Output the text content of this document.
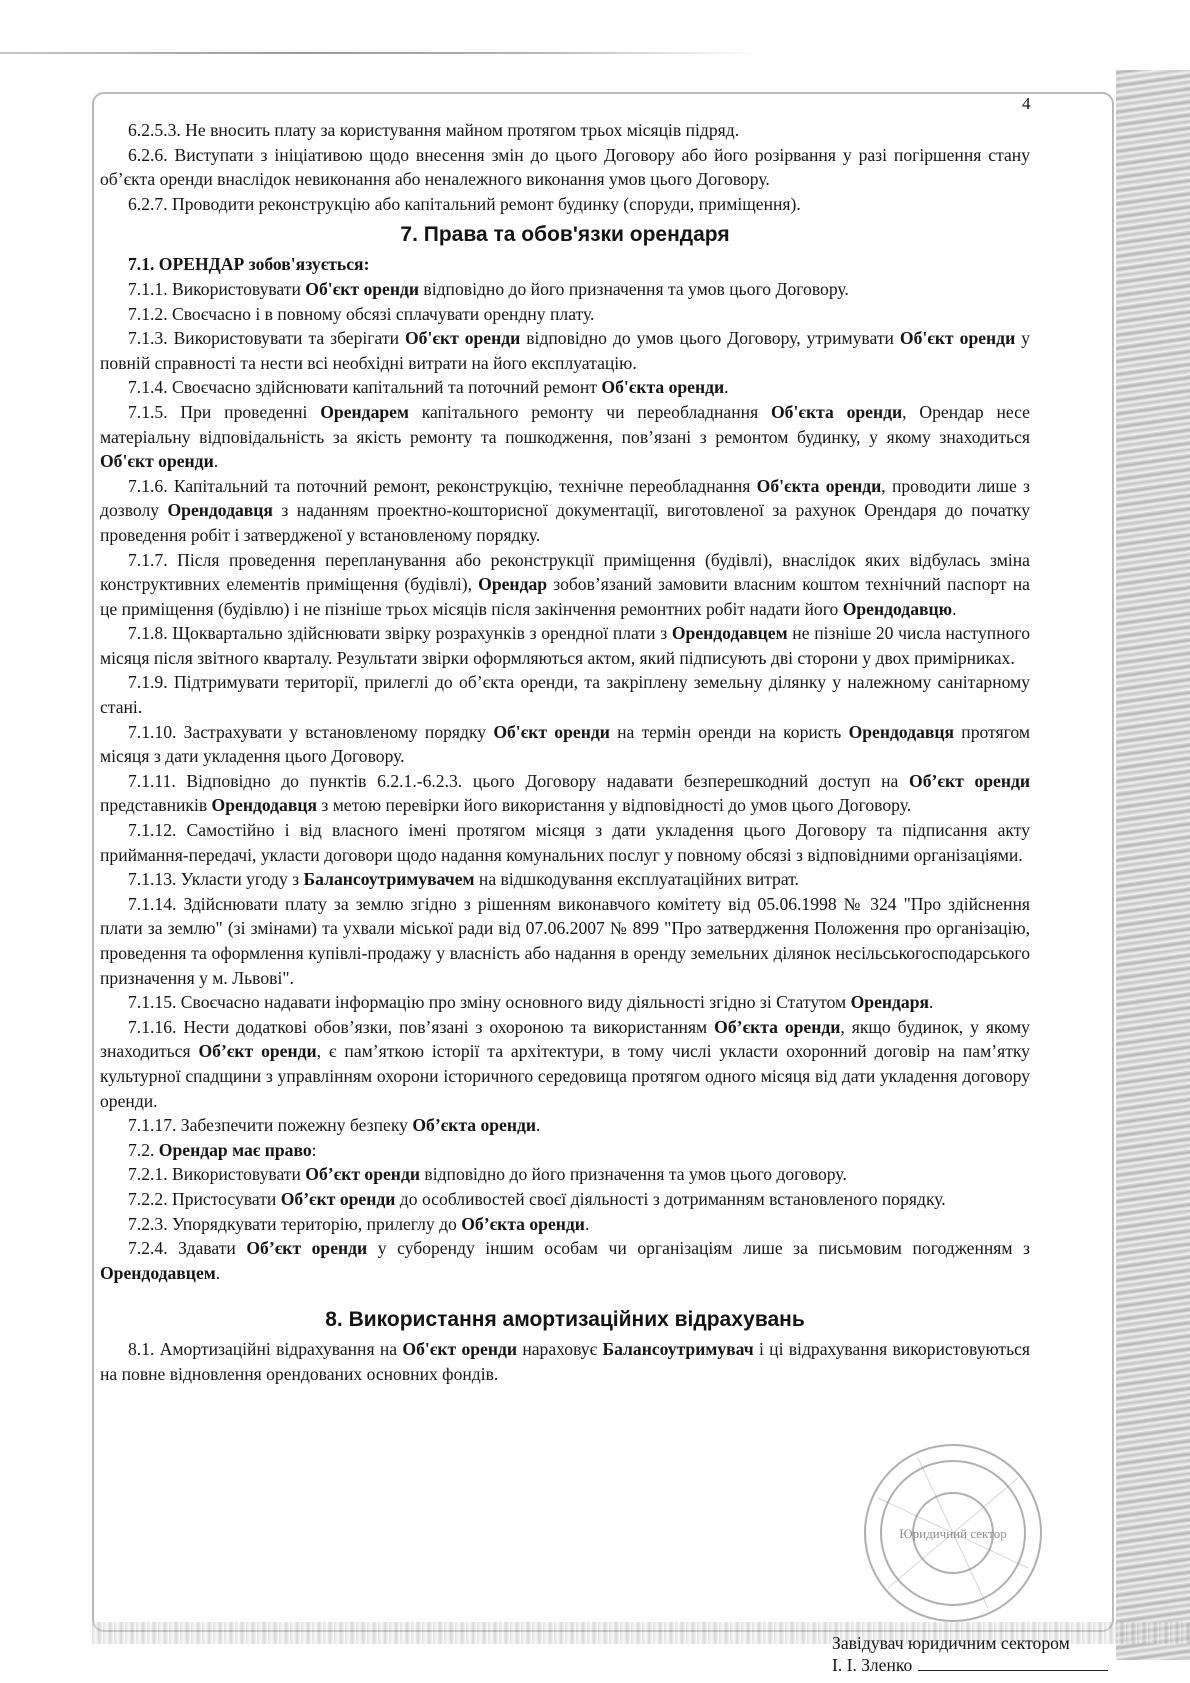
4

6.2.5.3. Не вносить плату за користування майном протягом трьох місяців підряд.

6.2.6. Виступати з ініціативою щодо внесення змін до цього Договору або його розірвання у разі погіршення стану об’єкта оренди внаслідок невиконання або неналежного виконання умов цього Договору.

6.2.7. Проводити реконструкцію або капітальний ремонт будинку (споруди, приміщення).

7. Права та обов'язки орендаря

7.1. ОРЕНДАР зобов'язується:

7.1.1. Використовувати Об'єкт оренди відповідно до його призначення та умов цього Договору.

7.1.2. Своєчасно і в повному обсязі сплачувати орендну плату.

7.1.3. Використовувати та зберігати Об'єкт оренди відповідно до умов цього Договору, утримувати Об'єкт оренди у повній справності та нести всі необхідні витрати на його експлуатацію.

7.1.4. Своєчасно здійснювати капітальний та поточний ремонт Об'єкта оренди.

7.1.5. При проведенні Орендарем капітального ремонту чи переобладнання Об'єкта оренди, Орендар несе матеріальну відповідальність за якість ремонту та пошкодження, пов’язані з ремонтом будинку, у якому знаходиться Об'єкт оренди.

7.1.6. Капітальний та поточний ремонт, реконструкцію, технічне переобладнання Об'єкта оренди, проводити лише з дозволу Орендодавця з наданням проектно-кошторисної документації, виготовленої за рахунок Орендаря до початку проведення робіт і затвердженої у встановленому порядку.

7.1.7. Після проведення перепланування або реконструкції приміщення (будівлі), внаслідок яких відбулась зміна конструктивних елементів приміщення (будівлі), Орендар зобов’язаний замовити власним коштом технічний паспорт на це приміщення (будівлю) і не пізніше трьох місяців після закінчення ремонтних робіт надати його Орендодавцю.

7.1.8. Щоквартально здійснювати звірку розрахунків з орендної плати з Орендодавцем не пізніше 20 числа наступного місяця після звітного кварталу. Результати звірки оформляються актом, який підписують дві сторони у двох примірниках.

7.1.9. Підтримувати території, прилеглі до об’єкта оренди, та закріплену земельну ділянку у належному санітарному стані.

7.1.10. Застрахувати у встановленому порядку Об'єкт оренди на термін оренди на користь Орендодавця протягом місяця з дати укладення цього Договору.

7.1.11. Відповідно до пунктів 6.2.1.-6.2.3. цього Договору надавати безперешкодний доступ на Об’єкт оренди представників Орендодавця з метою перевірки його використання у відповідності до умов цього Договору.

7.1.12. Самостійно і від власного імені протягом місяця з дати укладення цього Договору та підписання акту приймання-передачі, укласти договори щодо надання комунальних послуг у повному обсязі з відповідними організаціями.

7.1.13. Укласти угоду з Балансоутримувачем на відшкодування експлуатаційних витрат.

7.1.14. Здійснювати плату за землю згідно з рішенням виконавчого комітету від 05.06.1998 № 324 "Про здійснення плати за землю" (зі змінами) та ухвали міської ради від 07.06.2007 № 899 "Про затвердження Положення про організацію, проведення та оформлення купівлі-продажу у власність або надання в оренду земельних ділянок несільськогосподарського призначення у м. Львові".

7.1.15. Своєчасно надавати інформацію про зміну основного виду діяльності згідно зі Статутом Орендаря.

7.1.16. Нести додаткові обов’язки, пов’язані з охороною та використанням Об’єкта оренди, якщо будинок, у якому знаходиться Об’єкт оренди, є пам’яткою історії та архітектури, в тому числі укласти охоронний договір на пам’ятку культурної спадщини з управлінням охорони історичного середовища протягом одного місяця від дати укладення договору оренди.

7.1.17. Забезпечити пожежну безпеку Об’єкта оренди.

7.2. Орендар має право:

7.2.1. Використовувати Об’єкт оренди відповідно до його призначення та умов цього договору.

7.2.2. Пристосувати Об’єкт оренди до особливостей своєї діяльності з дотриманням встановленого порядку.

7.2.3. Упорядкувати територію, прилеглу до Об’єкта оренди.

7.2.4. Здавати Об’єкт оренди у суборенду іншим особам чи організаціям лише за письмовим погодженням з Орендодавцем.

8. Використання амортизаційних відрахувань

8.1. Амортизаційні відрахування на Об'єкт оренди нараховує Балансоутримувач і ці відрахування використовуються на повне відновлення орендованих основних фондів.

Юридичний сектор
Завідувач юридичним сектором
І. І. Зленко
